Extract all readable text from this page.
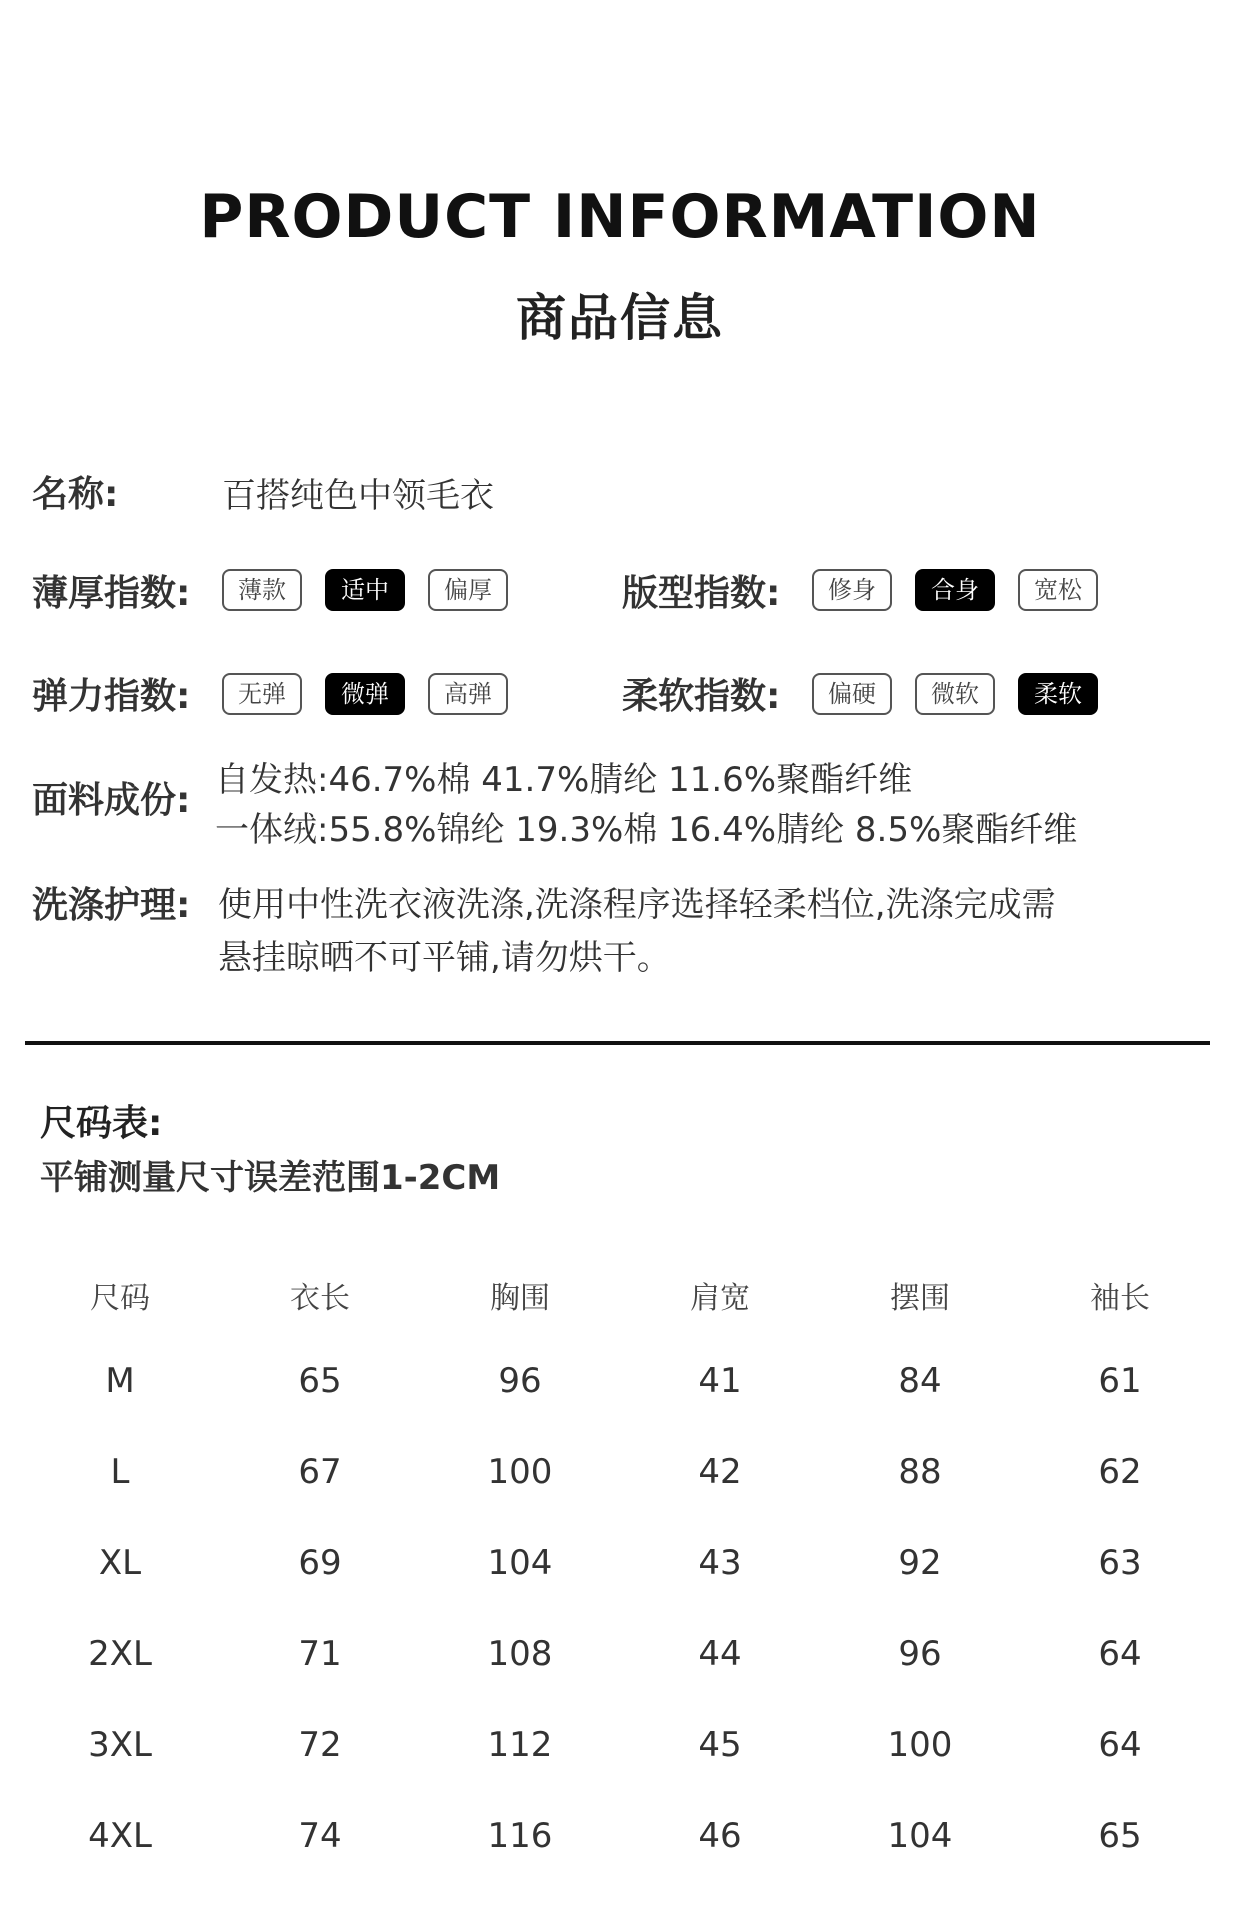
PRODUCT INFORMATION
商品信息
名称:	百搭纯色中领毛衣
薄厚指数:	薄款	适中	偏厚	版型指数:	修身	合身	宽松
弹力指数:	无弹	微弹	高弹	柔软指数:	偏硬	微软	柔软
面料成份: 自发热:46.7%棉 41.7%腈纶 11.6%聚酯纤维
一体绒:55.8%锦纶 19.3%棉 16.4%腈纶 8.5%聚酯纤维
洗涤护理: 使用中性洗衣液洗涤,洗涤程序选择轻柔档位,洗涤完成需
悬挂晾晒不可平铺,请勿烘干。
尺码表:
平铺测量尺寸误差范围1-2CM
尺码	衣长	胸围	肩宽	摆围	袖长
M	65	96	41	84	61
L	67	100	42	88	62
XL	69	104	43	92	63
2XL	71	108	44	96	64
3XL	72	112	45	100	64
4XL	74	116	46	104	65
